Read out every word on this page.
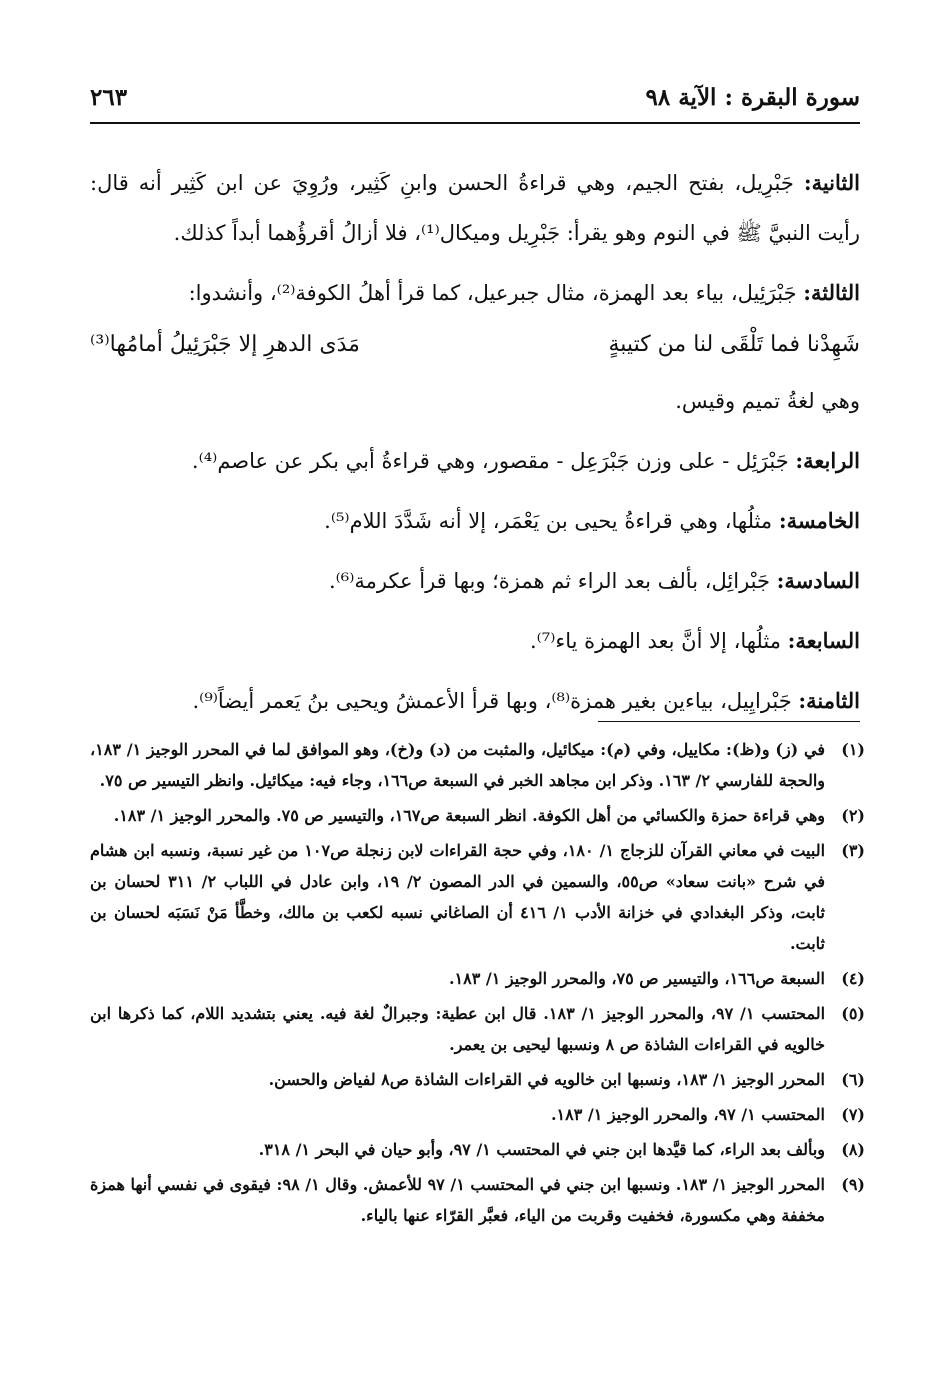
سورة البقرة : الآية ٩٨
٢٦٣

الثانية: جَبْرِيل، بفتح الجيم، وهي قراءةُ الحسن وابنِ كَثِير، ورُوِيَ عن ابن كَثِير أنه قال: رأيت النبيَّ ﷺ في النوم وهو يقرأ: جَبْرِيل وميكال⁽¹⁾، فلا أزالُ أقرؤُهما أبداً كذلك.

الثالثة: جَبْرَئِيل، بياء بعد الهمزة، مثال جبرعيل، كما قرأ أهلُ الكوفة⁽²⁾، وأنشدوا:

شَهِدْنا فما تَلْقَى لنا من كتيبةٍ
مَدَى الدهرِ إلا جَبْرَئِيلُ أمامُها⁽³⁾

وهي لغةُ تميم وقيس.

الرابعة: جَبْرَئِل - على وزن جَبْرَعِل - مقصور، وهي قراءةُ أبي بكر عن عاصم⁽⁴⁾.

الخامسة: مثلُها، وهي قراءةُ يحيى بن يَعْمَر، إلا أنه شَدَّدَ اللام⁽⁵⁾.

السادسة: جَبْرائِل، بألف بعد الراء ثم همزة؛ وبها قرأ عكرمة⁽⁶⁾.

السابعة: مثلُها، إلا أنَّ بعد الهمزة ياء⁽⁷⁾.

الثامنة: جَبْرايِيل، بياءين بغير همزة⁽⁸⁾، وبها قرأ الأعمشُ ويحيى بنُ يَعمر أيضاً⁽⁹⁾.

(١)
في (ز) و(ظ): مكاييل، وفي (م): ميكائيل، والمثبت من (د) و(خ)، وهو الموافق لما في المحرر الوجيز ١/ ١٨٣، والحجة للفارسي ٢/ ١٦٣. وذكر ابن مجاهد الخبر في السبعة ص١٦٦، وجاء فيه: ميكائيل. وانظر التيسير ص ٧٥.
(٢)
وهي قراءة حمزة والكسائي من أهل الكوفة. انظر السبعة ص١٦٧، والتيسير ص ٧٥. والمحرر الوجيز ١/ ١٨٣.
(٣)
البيت في معاني القرآن للزجاج ١/ ١٨٠، وفي حجة القراءات لابن زنجلة ص١٠٧ من غير نسبة، ونسبه ابن هشام في شرح «بانت سعاد» ص٥٥، والسمين في الدر المصون ٢/ ١٩، وابن عادل في اللباب ٢/ ٣١١ لحسان بن ثابت، وذكر البغدادي في خزانة الأدب ١/ ٤١٦ أن الصاغاني نسبه لكعب بن مالك، وخطَّأ مَنْ نَسَبَه لحسان بن ثابت.
(٤)
السبعة ص١٦٦، والتيسير ص ٧٥، والمحرر الوجيز ١/ ١٨٣.
(٥)
المحتسب ١/ ٩٧، والمحرر الوجيز ١/ ١٨٣. قال ابن عطية: وجبرالٌ لغة فيه. يعني بتشديد اللام، كما ذكرها ابن خالويه في القراءات الشاذة ص ٨ ونسبها ليحيى بن يعمر.
(٦)
المحرر الوجيز ١/ ١٨٣، ونسبها ابن خالويه في القراءات الشاذة ص٨ لفياض والحسن.
(٧)
المحتسب ١/ ٩٧، والمحرر الوجيز ١/ ١٨٣.
(٨)
وبألف بعد الراء، كما قيَّدها ابن جني في المحتسب ١/ ٩٧، وأبو حيان في البحر ١/ ٣١٨.
(٩)
المحرر الوجيز ١/ ١٨٣. ونسبها ابن جني في المحتسب ١/ ٩٧ للأعمش. وقال ١/ ٩٨: فيقوى في نفسي أنها همزة مخففة وهي مكسورة، فخفيت وقربت من الياء، فعبَّر القرّاء عنها بالياء.
